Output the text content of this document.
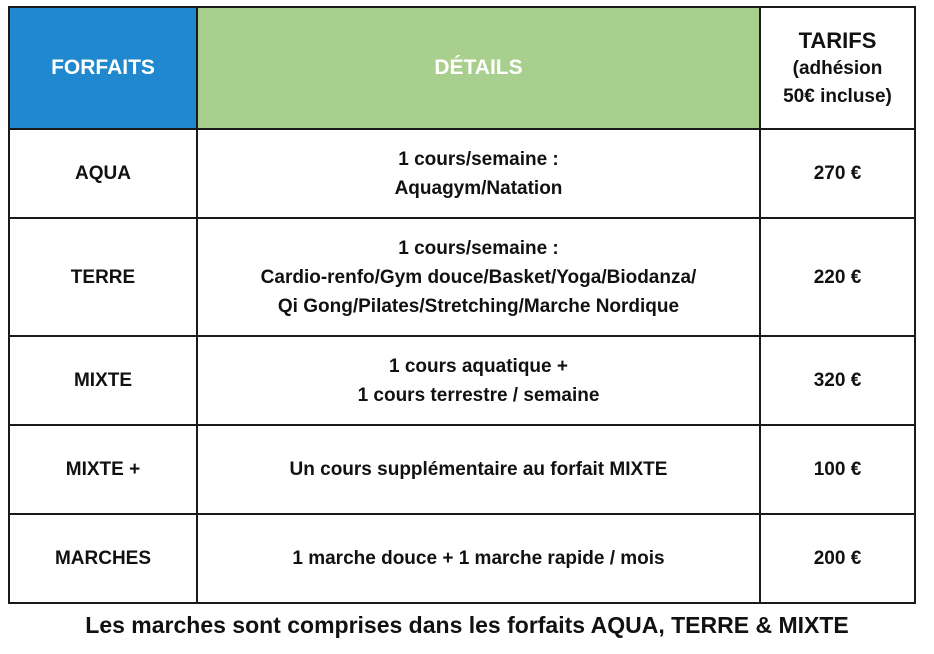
FORFAITS	DÉTAILS	TARIFS
(adhésion
50€ incluse)

AQUA	1 cours/semaine :
Aquagym/Natation	270 €
TERRE	1 cours/semaine :
Cardio-renfo/Gym douce/Basket/Yoga/Biodanza/
Qi Gong/Pilates/Stretching/Marche Nordique	220 €
MIXTE	1 cours aquatique +
1 cours terrestre / semaine	320 €
MIXTE +	Un cours supplémentaire au forfait MIXTE	100 €
MARCHES	1 marche douce + 1 marche rapide / mois	200 €
Les marches sont comprises dans les forfaits AQUA, TERRE & MIXTE
